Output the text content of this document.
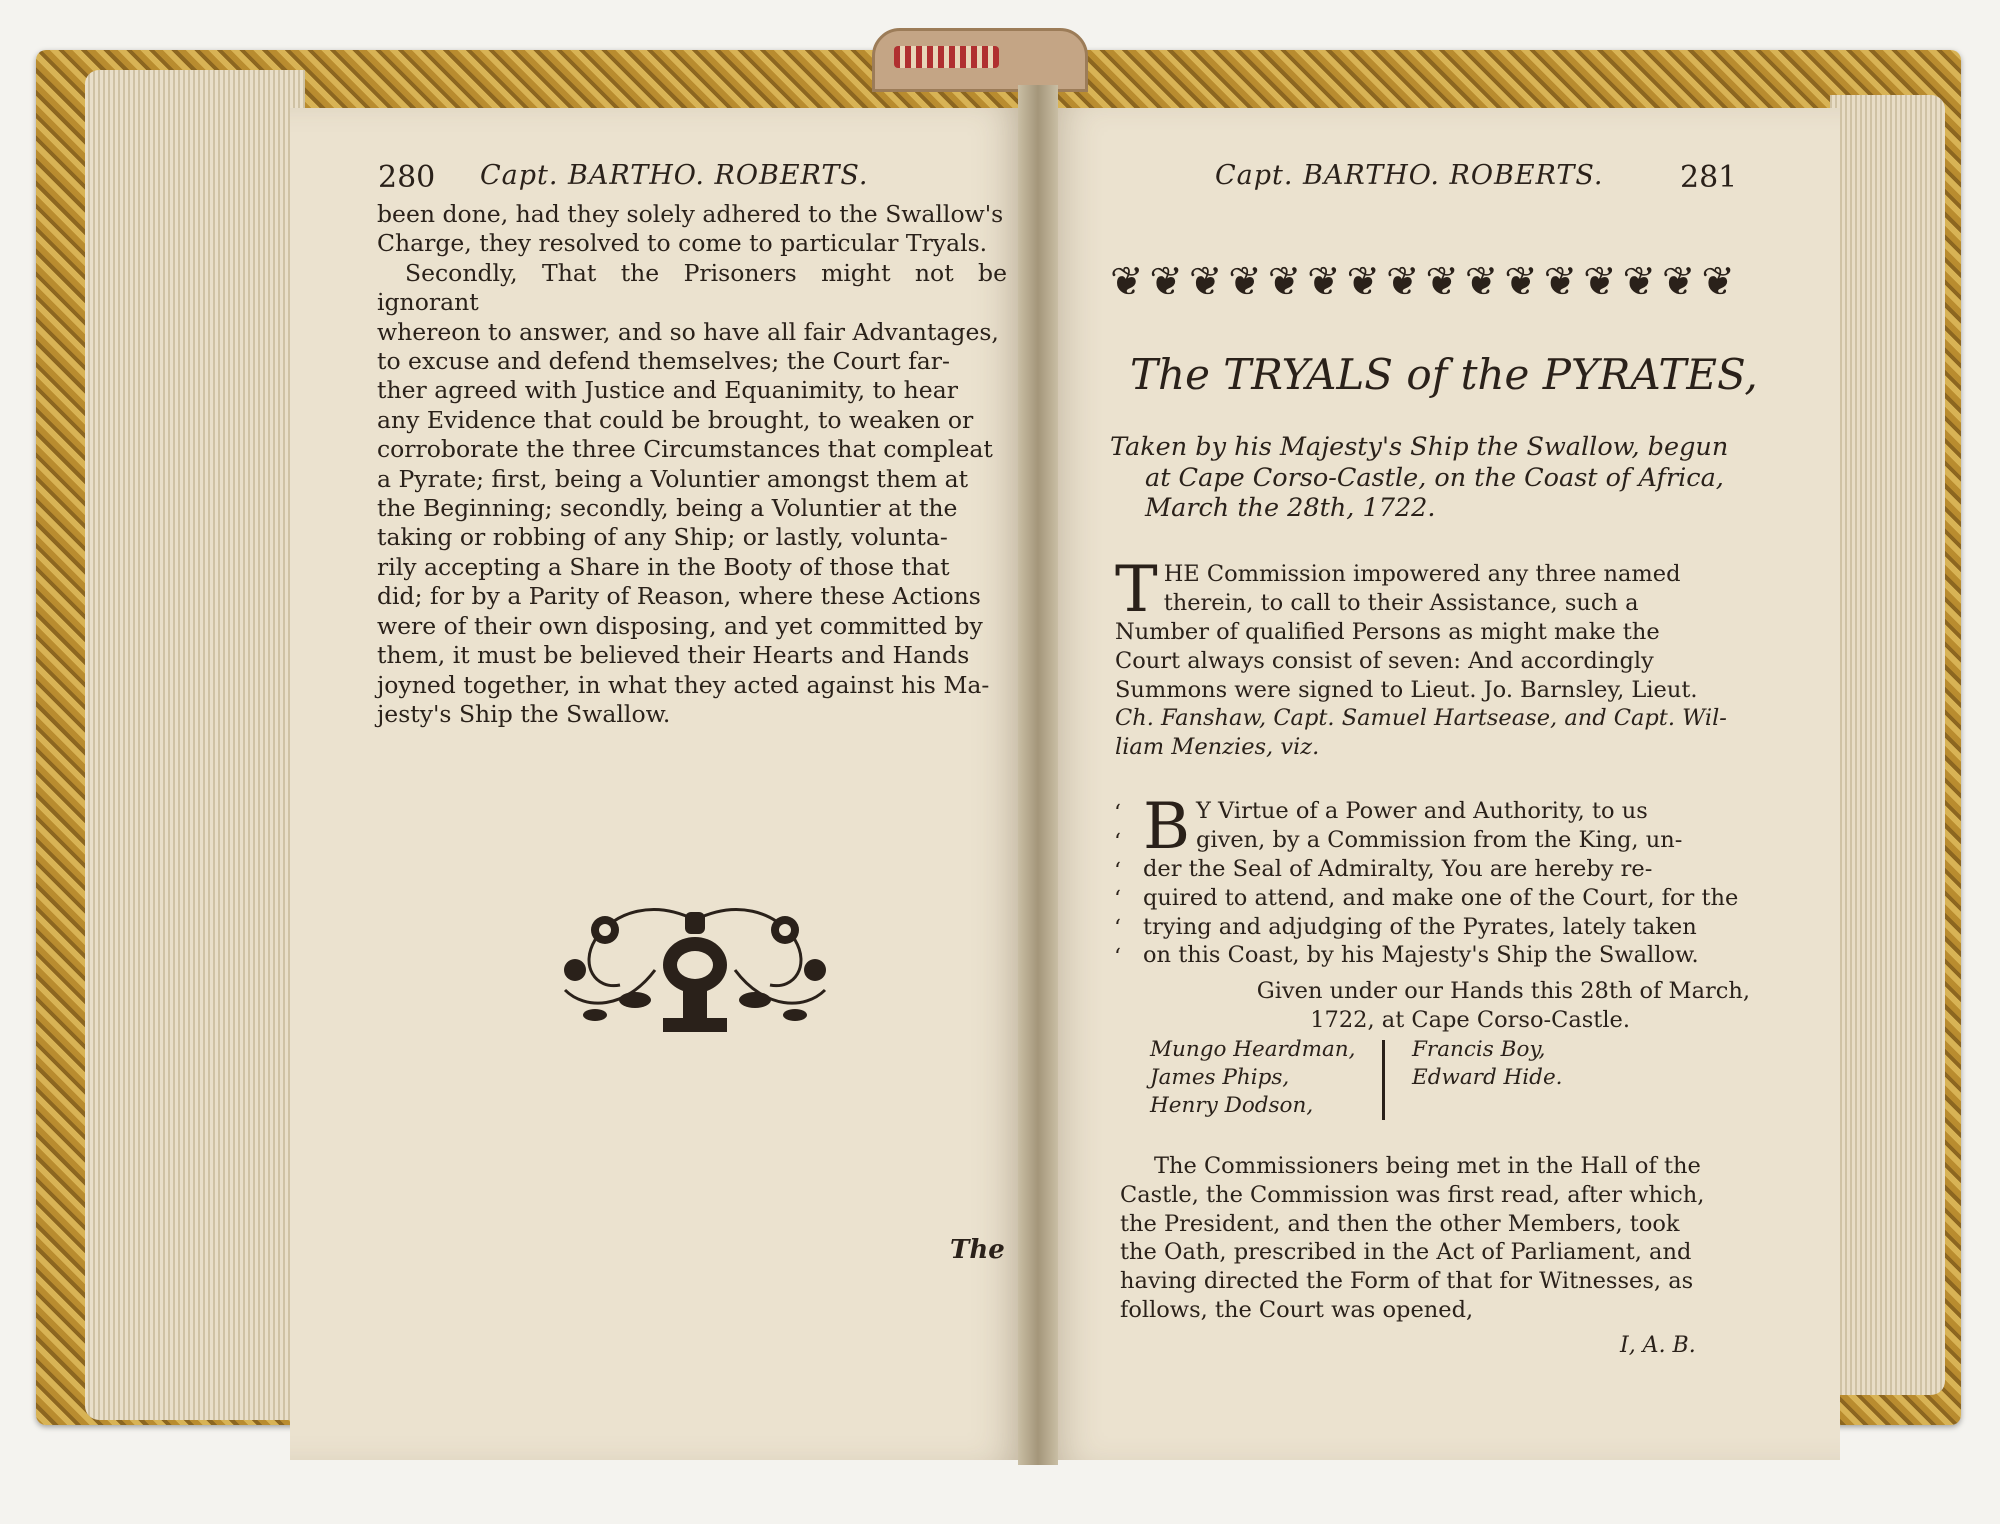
280 Capt. BARTHO. ROBERTS.

been done, had they solely adhered to the Swallow's

Charge, they resolved to come to particular Tryals.

Secondly, That the Prisoners might not be ignorant

whereon to answer, and so have all fair Advantages,

to excuse and defend themselves; the Court far-

ther agreed with Justice and Equanimity, to hear

any Evidence that could be brought, to weaken or

corroborate the three Circumstances that compleat

a Pyrate; first, being a Voluntier amongst them at

the Beginning; secondly, being a Voluntier at the

taking or robbing of any Ship; or lastly, volunta-

rily accepting a Share in the Booty of those that

did; for by a Parity of Reason, where these Actions

were of their own disposing, and yet committed by

them, it must be believed their Hearts and Hands

joyned together, in what they acted against his Ma-

jesty's Ship the Swallow.

The
Capt. BARTHO. ROBERTS.	281
❦ ❦ ❦ ❦ ❦ ❦ ❦ ❦ ❦ ❦ ❦ ❦ ❦ ❦ ❦ ❦
The TRYALS of the PYRATES,
Taken by his Majesty's Ship the Swallow, begun
at Cape Corso-Castle, on the Coast of Africa,
March the 28th, 1722.
T HE Commission impowered any three named

therein, to call to their Assistance, such a

Number of qualified Persons as might make the

Court always consist of seven: And accordingly

Summons were signed to Lieut. Jo. Barnsley, Lieut.

Ch. Fanshaw, Capt. Samuel Hartsease, and Capt. Wil-

liam Menzies, viz.

‘
‘
‘
‘
‘
‘
B Y Virtue of a Power and Authority, to us

given, by a Commission from the King, un-

der the Seal of Admiralty, You are hereby re-

quired to attend, and make one of the Court, for the

trying and adjudging of the Pyrates, lately taken

on this Coast, by his Majesty's Ship the Swallow.

Given under our Hands this 28th of March,
1722, at Cape Corso-Castle.
Mungo Heardman,
James Phips,
Henry Dodson,
Francis Boy,
Edward Hide.

The Commissioners being met in the Hall of the

Castle, the Commission was first read, after which,

the President, and then the other Members, took

the Oath, prescribed in the Act of Parliament, and

having directed the Form of that for Witnesses, as

follows, the Court was opened,

I, A. B.
